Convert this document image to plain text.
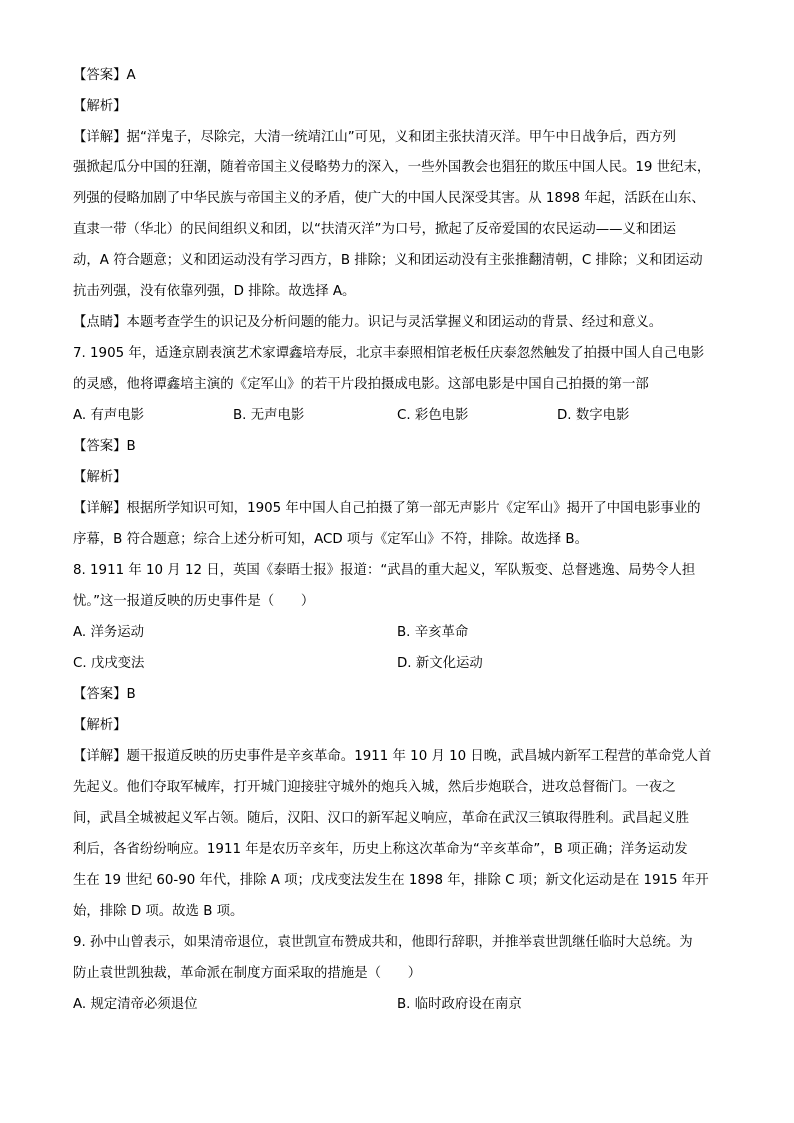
【答案】A
【解析】
【详解】据“洋鬼子，尽除完，大清一统靖江山”可见，义和团主张扶清灭洋。甲午中日战争后，西方列
强掀起瓜分中国的狂潮，随着帝国主义侵略势力的深入，一些外国教会也猖狂的欺压中国人民。19 世纪末，
列强的侵略加剧了中华民族与帝国主义的矛盾，使广大的中国人民深受其害。从 1898 年起，活跃在山东、
直隶一带（华北）的民间组织义和团，以“扶清灭洋”为口号，掀起了反帝爱国的农民运动——义和团运
动，A 符合题意；义和团运动没有学习西方，B 排除；义和团运动没有主张推翻清朝，C 排除；义和团运动
抗击列强，没有依靠列强，D 排除。故选择 A。
【点睛】本题考查学生的识记及分析问题的能力。识记与灵活掌握义和团运动的背景、经过和意义。
7. 1905 年，适逢京剧表演艺术家谭鑫培寿辰，北京丰泰照相馆老板任庆泰忽然触发了拍摄中国人自己电影
的灵感，他将谭鑫培主演的《定军山》的若干片段拍摄成电影。这部电影是中国自己拍摄的第一部
A. 有声电影	B. 无声电影	C. 彩色电影	D. 数字电影
【答案】B
【解析】
【详解】根据所学知识可知，1905 年中国人自己拍摄了第一部无声影片《定军山》揭开了中国电影事业的
序幕，B 符合题意；综合上述分析可知，ACD 项与《定军山》不符，排除。故选择 B。
8. 1911 年 10 月 12 日，英国《泰晤士报》报道：“武昌的重大起义，军队叛变、总督逃逸、局势令人担
忧。”这一报道反映的历史事件是（　　）
A. 洋务运动	B. 辛亥革命
C. 戊戌变法	D. 新文化运动
【答案】B
【解析】
【详解】题干报道反映的历史事件是辛亥革命。1911 年 10 月 10 日晚，武昌城内新军工程营的革命党人首
先起义。他们夺取军械库，打开城门迎接驻守城外的炮兵入城，然后步炮联合，进攻总督衙门。一夜之
间，武昌全城被起义军占领。随后，汉阳、汉口的新军起义响应，革命在武汉三镇取得胜利。武昌起义胜
利后，各省纷纷响应。1911 年是农历辛亥年，历史上称这次革命为“辛亥革命”，B 项正确；洋务运动发
生在 19 世纪 60-90 年代，排除 A 项；戊戌变法发生在 1898 年，排除 C 项；新文化运动是在 1915 年开
始，排除 D 项。故选 B 项。
9. 孙中山曾表示，如果清帝退位，袁世凯宣布赞成共和，他即行辞职，并推举袁世凯继任临时大总统。为
防止袁世凯独裁，革命派在制度方面采取的措施是（　　）
A. 规定清帝必须退位	B. 临时政府设在南京
